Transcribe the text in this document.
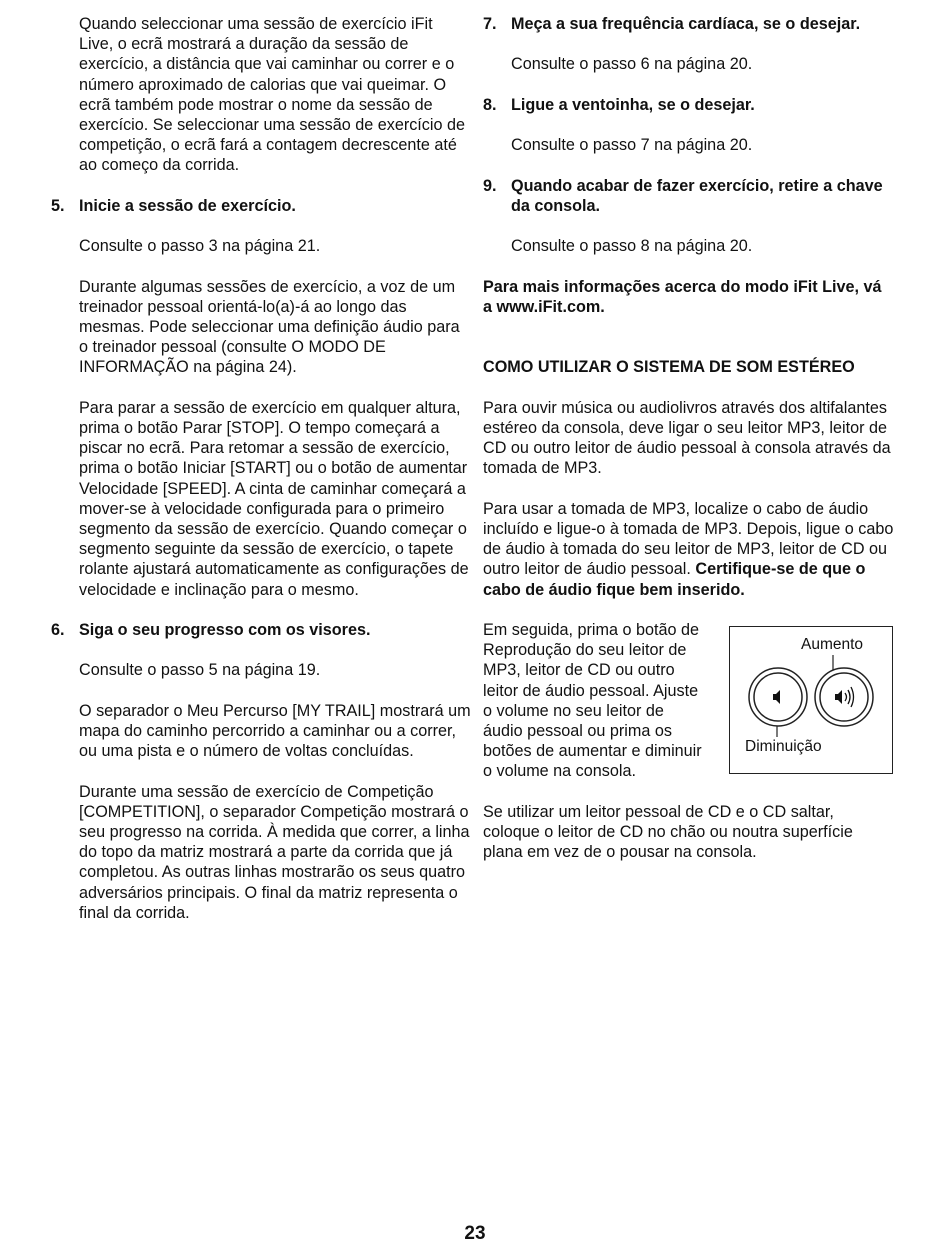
Quando seleccionar uma sessão de exercício iFit Live, o ecrã mostrará a duração da sessão de exercício, a distância que vai caminhar ou correr e o número aproximado de calorias que vai queimar. O ecrã também pode mostrar o nome da sessão de exercício. Se seleccionar uma sessão de exercício de competição, o ecrã fará a contagem decrescente até ao começo da corrida.

5. Inicie a sessão de exercício.

Consulte o passo 3 na página 21.

Durante algumas sessões de exercício, a voz de um treinador pessoal orientá-lo(a)-á ao longo das mesmas. Pode seleccionar uma definição áudio para o treinador pessoal (consulte O MODO DE INFORMAÇÃO na página 24).

Para parar a sessão de exercício em qualquer altura, prima o botão Parar [STOP]. O tempo começará a piscar no ecrã. Para retomar a sessão de exercício, prima o botão Iniciar [START] ou o botão de aumentar Velocidade [SPEED]. A cinta de caminhar começará a mover-se à velocidade configurada para o primeiro segmento da sessão de exercício. Quando começar o segmento seguinte da sessão de exercício, o tapete rolante ajustará automaticamente as configurações de velocidade e inclinação para o mesmo.

6. Siga o seu progresso com os visores.

Consulte o passo 5 na página 19.

O separador o Meu Percurso [MY TRAIL] mostrará um mapa do caminho percorrido a caminhar ou a correr, ou uma pista e o número de voltas concluídas.

Durante uma sessão de exercício de Competição [COMPETITION], o separador Competição mostrará o seu progresso na corrida. À medida que correr, a linha do topo da matriz mostrará a parte da corrida que já completou. As outras linhas mostrarão os seus quatro adversários principais. O final da matriz representa o final da corrida.

7. Meça a sua frequência cardíaca, se o desejar.

Consulte o passo 6 na página 20.

8. Ligue a ventoinha, se o desejar.

Consulte o passo 7 na página 20.

9. Quando acabar de fazer exercício, retire a chave da consola.

Consulte o passo 8 na página 20.

Para mais informações acerca do modo iFit Live, vá a www.iFit.com.

COMO UTILIZAR O SISTEMA DE SOM ESTÉREO

Para ouvir música ou audiolivros através dos altifalantes estéreo da consola, deve ligar o seu leitor MP3, leitor de CD ou outro leitor de áudio pessoal à consola através da tomada de MP3.

Para usar a tomada de MP3, localize o cabo de áudio incluído e ligue-o à tomada de MP3. Depois, ligue o cabo de áudio à tomada do seu leitor de MP3, leitor de CD ou outro leitor de áudio pessoal. Certifique-se de que o cabo de áudio fique bem inserido.

Em seguida, prima o botão de Reprodução do seu leitor de MP3, leitor de CD ou outro leitor de áudio pessoal. Ajuste o volume no seu leitor de áudio pessoal ou prima os botões de aumentar e diminuir o volume na consola.

Aumento
Diminuição

Se utilizar um leitor pessoal de CD e o CD saltar, coloque o leitor de CD no chão ou noutra superfície plana em vez de o pousar na consola.

23
